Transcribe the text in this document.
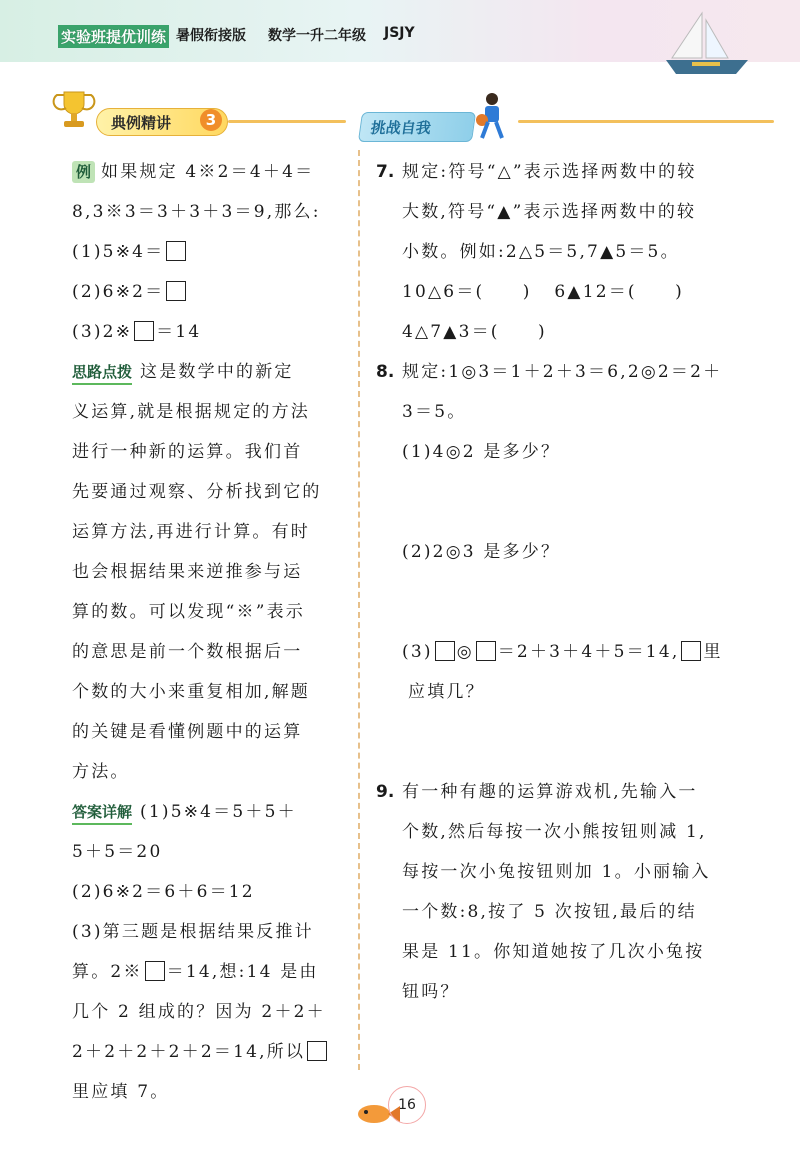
实验班提优训练 暑假衔接版 数学一升二年级 JSJY
典例精讲	3	挑战自我
例 如果规定 4※2＝4＋4＝
8,3※3＝3＋3＋3＝9,那么:
(1)5※4＝
(2)6※2＝
(3)2※ ＝14
思路点拨 这是数学中的新定
义运算,就是根据规定的方法
进行一种新的运算。我们首
先要通过观察、分析找到它的
运算方法,再进行计算。有时
也会根据结果来逆推参与运
算的数。可以发现“※”表示
的意思是前一个数根据后一
个数的大小来重复相加,解题
的关键是看懂例题中的运算
方法。
答案详解 (1)5※4＝5＋5＋
5＋5＝20
(2)6※2＝6＋6＝12
(3)第三题是根据结果反推计
算。2※ ＝14,想:14 是由
几个 2 组成的？因为 2＋2＋
2＋2＋2＋2＋2＝14,所以
里应填 7。
7. 规定:符号“△”表示选择两数中的较
大数,符号“▲”表示选择两数中的较
小数。例如:2△5＝5,7▲5＝5。
10△6＝(　　) 6▲12＝(　　)
4△7▲3＝(　　)
8. 规定:1◎3＝1＋2＋3＝6,2◎2＝2＋
3＝5。
(1)4◎2 是多少？
(2)2◎3 是多少？
(3) ◎ ＝2＋3＋4＋5＝14, 里
应填几？
9. 有一种有趣的运算游戏机,先输入一
个数,然后每按一次小熊按钮则减 1,
每按一次小兔按钮则加 1。小丽输入
一个数:8,按了 5 次按钮,最后的结
果是 11。你知道她按了几次小兔按
钮吗？
16
